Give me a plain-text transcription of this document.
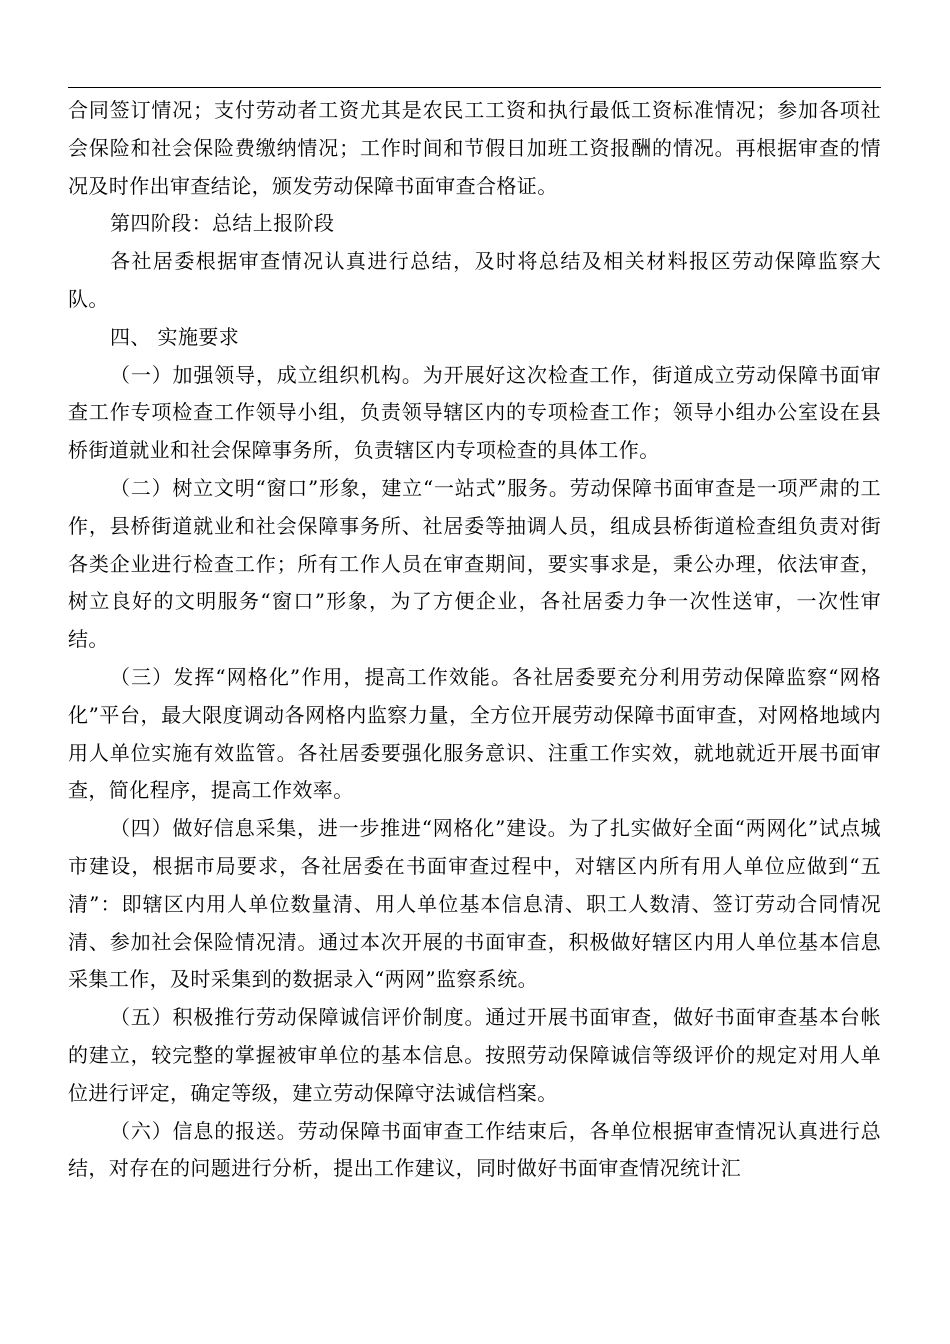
合同签订情况；支付劳动者工资尤其是农民工工资和执行最低工资标准情况；参加各项社会保险和社会保险费缴纳情况；工作时间和节假日加班工资报酬的情况。再根据审查的情况及时作出审查结论，颁发劳动保障书面审查合格证。

第四阶段：总结上报阶段

各社居委根据审查情况认真进行总结，及时将总结及相关材料报区劳动保障监察大队。

四、 实施要求

（一）加强领导，成立组织机构。为开展好这次检查工作，街道成立劳动保障书面审查工作专项检查工作领导小组，负责领导辖区内的专项检查工作；领导小组办公室设在县桥街道就业和社会保障事务所，负责辖区内专项检查的具体工作。

（二）树立文明“窗口”形象，建立“一站式”服务。劳动保障书面审查是一项严肃的工作，县桥街道就业和社会保障事务所、社居委等抽调人员，组成县桥街道检查组负责对街各类企业进行检查工作；所有工作人员在审查期间，要实事求是，秉公办理，依法审查，树立良好的文明服务“窗口”形象，为了方便企业，各社居委力争一次性送审，一次性审结。

（三）发挥“网格化”作用，提高工作效能。各社居委要充分利用劳动保障监察“网格化”平台，最大限度调动各网格内监察力量，全方位开展劳动保障书面审查，对网格地域内用人单位实施有效监管。各社居委要强化服务意识、注重工作实效，就地就近开展书面审查，简化程序，提高工作效率。

（四）做好信息采集，进一步推进“网格化”建设。为了扎实做好全面“两网化”试点城市建设，根据市局要求，各社居委在书面审查过程中，对辖区内所有用人单位应做到“五清”：即辖区内用人单位数量清、用人单位基本信息清、职工人数清、签订劳动合同情况清、参加社会保险情况清。通过本次开展的书面审查，积极做好辖区内用人单位基本信息采集工作，及时采集到的数据录入“两网”监察系统。

（五）积极推行劳动保障诚信评价制度。通过开展书面审查，做好书面审查基本台帐的建立，较完整的掌握被审单位的基本信息。按照劳动保障诚信等级评价的规定对用人单位进行评定，确定等级，建立劳动保障守法诚信档案。

（六）信息的报送。劳动保障书面审查工作结束后，各单位根据审查情况认真进行总结，对存在的问题进行分析，提出工作建议，同时做好书面审查情况统计汇
